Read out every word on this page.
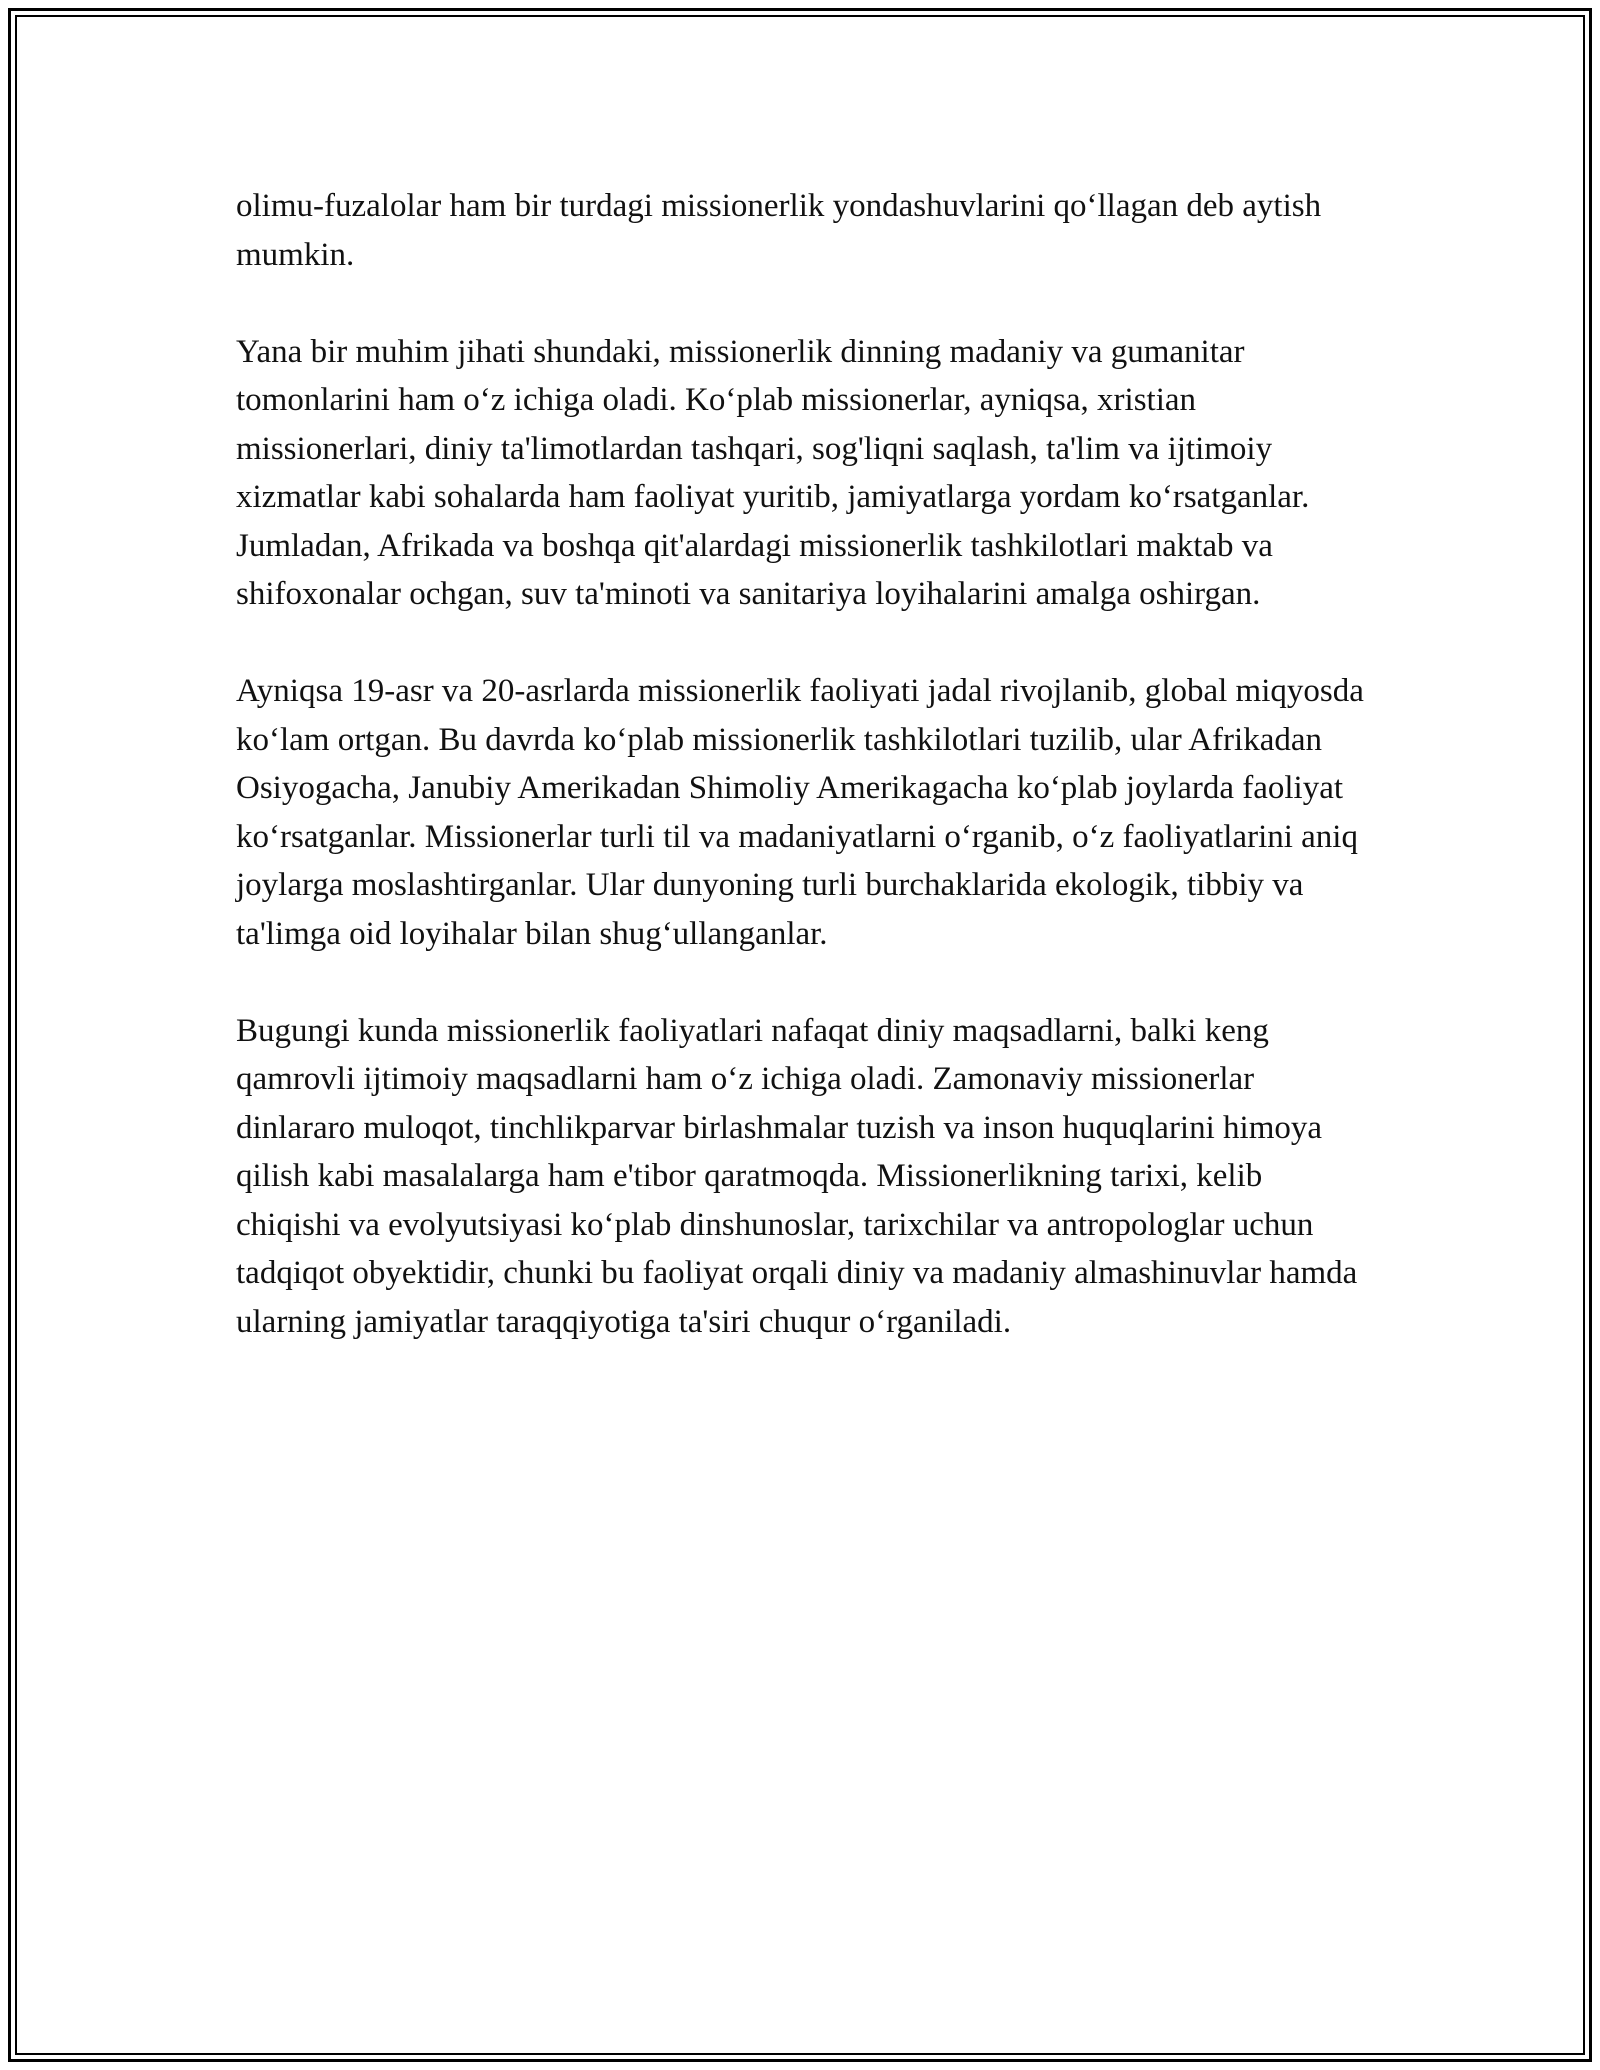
olimu-fuzalolar ham bir turdagi missionerlik yondashuvlarini qo‘llagan deb aytish mumkin.

Yana bir muhim jihati shundaki, missionerlik dinning madaniy va gumanitar tomonlarini ham o‘z ichiga oladi. Ko‘plab missionerlar, ayniqsa, xristian missionerlari, diniy ta'limotlardan tashqari, sog'liqni saqlash, ta'lim va ijtimoiy xizmatlar kabi sohalarda ham faoliyat yuritib, jamiyatlarga yordam ko‘rsatganlar. Jumladan, Afrikada va boshqa qit'alardagi missionerlik tashkilotlari maktab va shifoxonalar ochgan, suv ta'minoti va sanitariya loyihalarini amalga oshirgan.

Ayniqsa 19-asr va 20-asrlarda missionerlik faoliyati jadal rivojlanib, global miqyosda ko‘lam ortgan. Bu davrda ko‘plab missionerlik tashkilotlari tuzilib, ular Afrikadan Osiyogacha, Janubiy Amerikadan Shimoliy Amerikagacha ko‘plab joylarda faoliyat ko‘rsatganlar. Missionerlar turli til va madaniyatlarni o‘rganib, o‘z faoliyatlarini aniq joylarga moslashtirganlar. Ular dunyoning turli burchaklarida ekologik, tibbiy va ta'limga oid loyihalar bilan shug‘ullanganlar.

Bugungi kunda missionerlik faoliyatlari nafaqat diniy maqsadlarni, balki keng qamrovli ijtimoiy maqsadlarni ham o‘z ichiga oladi. Zamonaviy missionerlar dinlararo muloqot, tinchlikparvar birlashmalar tuzish va inson huquqlarini himoya qilish kabi masalalarga ham e'tibor qaratmoqda. Missionerlikning tarixi, kelib chiqishi va evolyutsiyasi ko‘plab dinshunoslar, tarixchilar va antropologlar uchun tadqiqot obyektidir, chunki bu faoliyat orqali diniy va madaniy almashinuvlar hamda ularning jamiyatlar taraqqiyotiga ta'siri chuqur o‘rganiladi.
